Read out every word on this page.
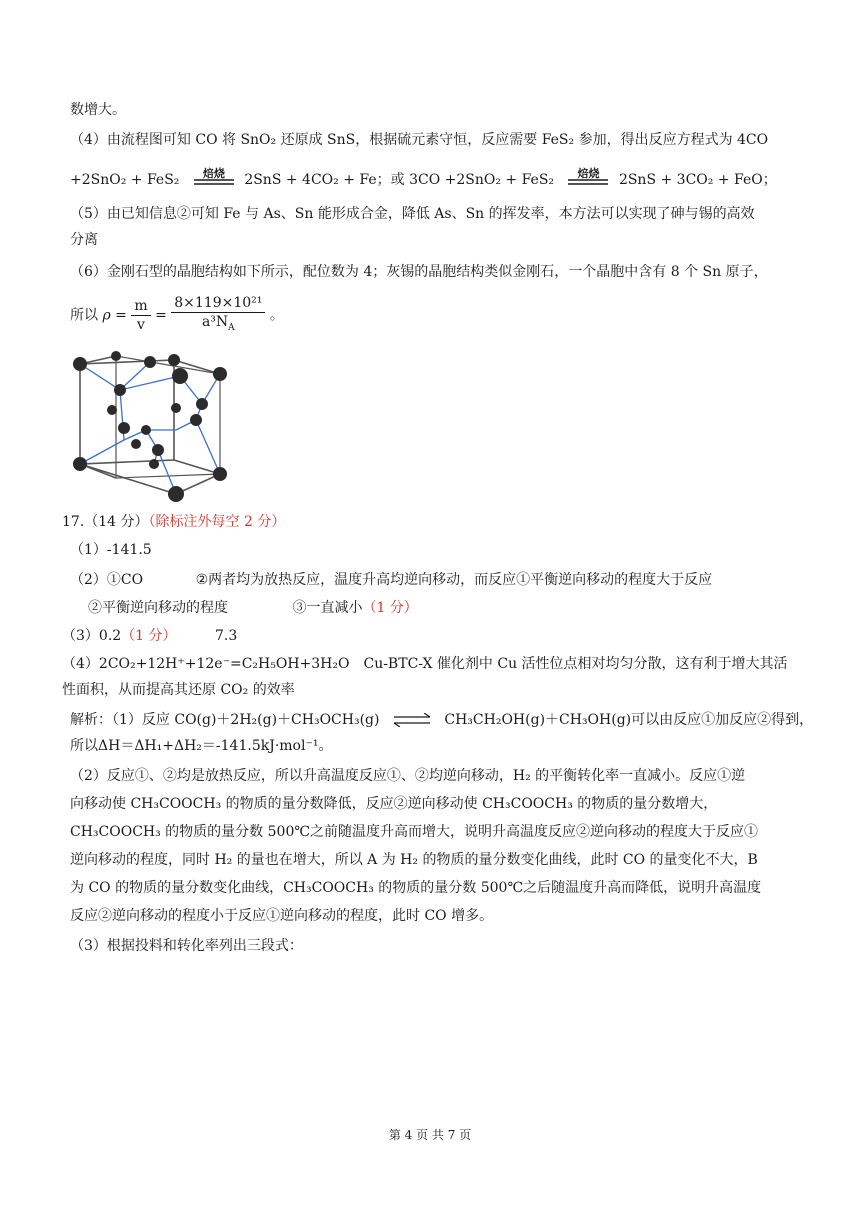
数增大。
（4）由流程图可知 CO 将 SnO₂ 还原成 SnS，根据硫元素守恒，反应需要 FeS₂ 参加，得出反应方程式为 4CO
+2SnO₂ + FeS₂	焙烧	2SnS + 4CO₂ + Fe；或 3CO +2SnO₂ + FeS₂	焙烧	2SnS + 3CO₂ + FeO；
（5）由已知信息②可知 Fe 与 As、Sn 能形成合金，降低 As、Sn 的挥发率，本方法可以实现了砷与锡的高效
分离
（6）金刚石型的晶胞结构如下所示，配位数为 4；灰锡的晶胞结构类似金刚石，一个晶胞中含有 8 个 Sn 原子，
所以 $\rho = \frac{m}{v} = \frac{\text{8×119×10²¹}}{a^3N_A}$ 。
17.（14 分）（除标注外每空 2 分）
（1）-141.5
（2）①CO	②两者均为放热反应，温度升高均逆向移动，而反应①平衡逆向移动的程度大于反应
②平衡逆向移动的程度	③一直减小（1 分）
（3）0.2（1 分）	7.3
（4）2CO₂+12H⁺+12e⁻=C₂H₅OH+3H₂O　Cu-BTC-X 催化剂中 Cu 活性位点相对均匀分散，这有利于增大其活
性面积，从而提高其还原 CO₂ 的效率
解析：（1）反应 CO(g)＋2H₂(g)＋CH₃OCH₃(g) ⇌ CH₃CH₂OH(g)＋CH₃OH(g)可以由反应①加反应②得到，
所以ΔH＝ΔH₁+ΔH₂＝-141.5kJ·mol⁻¹。
（2）反应①、②均是放热反应，所以升高温度反应①、②均逆向移动，H₂ 的平衡转化率一直减小。反应①逆
向移动使 CH₃COOCH₃ 的物质的量分数降低，反应②逆向移动使 CH₃COOCH₃ 的物质的量分数增大，
CH₃COOCH₃ 的物质的量分数 500℃之前随温度升高而增大，说明升高温度反应②逆向移动的程度大于反应①
逆向移动的程度，同时 H₂ 的量也在增大，所以 A 为 H₂ 的物质的量分数变化曲线，此时 CO 的量变化不大，B
为 CO 的物质的量分数变化曲线，CH₃COOCH₃ 的物质的量分数 500℃之后随温度升高而降低，说明升高温度
反应②逆向移动的程度小于反应①逆向移动的程度，此时 CO 增多。
（3）根据投料和转化率列出三段式：
第 4 页 共 7 页
